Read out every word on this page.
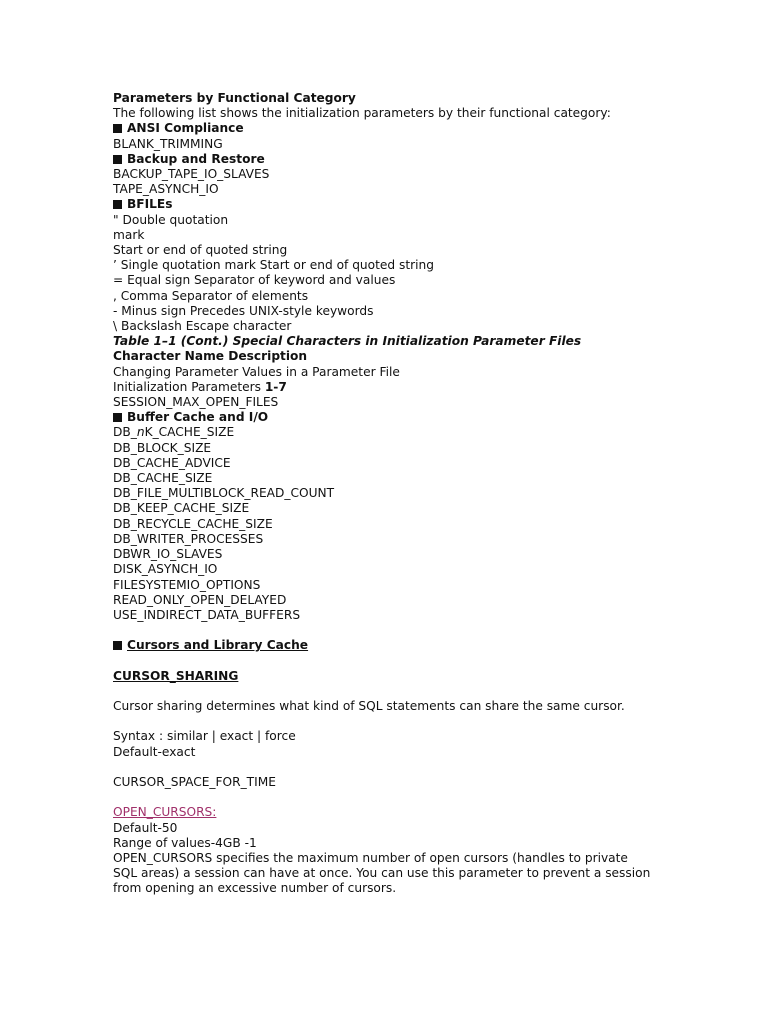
Parameters by Functional Category
The following list shows the initialization parameters by their functional category:
ANSI Compliance
BLANK_TRIMMING
Backup and Restore
BACKUP_TAPE_IO_SLAVES
TAPE_ASYNCH_IO
BFILEs
" Double quotation
mark
Start or end of quoted string
’ Single quotation mark Start or end of quoted string
= Equal sign Separator of keyword and values
, Comma Separator of elements
- Minus sign Precedes UNIX-style keywords
\ Backslash Escape character
Table 1–1 (Cont.) Special Characters in Initialization Parameter Files
Character Name Description
Changing Parameter Values in a Parameter File
Initialization Parameters 1-7
SESSION_MAX_OPEN_FILES
Buffer Cache and I/O
DB_nK_CACHE_SIZE
DB_BLOCK_SIZE
DB_CACHE_ADVICE
DB_CACHE_SIZE
DB_FILE_MULTIBLOCK_READ_COUNT
DB_KEEP_CACHE_SIZE
DB_RECYCLE_CACHE_SIZE
DB_WRITER_PROCESSES
DBWR_IO_SLAVES
DISK_ASYNCH_IO
FILESYSTEMIO_OPTIONS
READ_ONLY_OPEN_DELAYED
USE_INDIRECT_DATA_BUFFERS
Cursors and Library Cache
CURSOR_SHARING
Cursor sharing determines what kind of SQL statements can share the same cursor.
Syntax : similar | exact | force
Default-exact
CURSOR_SPACE_FOR_TIME
OPEN_CURSORS:
Default-50
Range of values-4GB -1
OPEN_CURSORS specifies the maximum number of open cursors (handles to private SQL areas) a session can have at once. You can use this parameter to prevent a session from opening an excessive number of cursors.
